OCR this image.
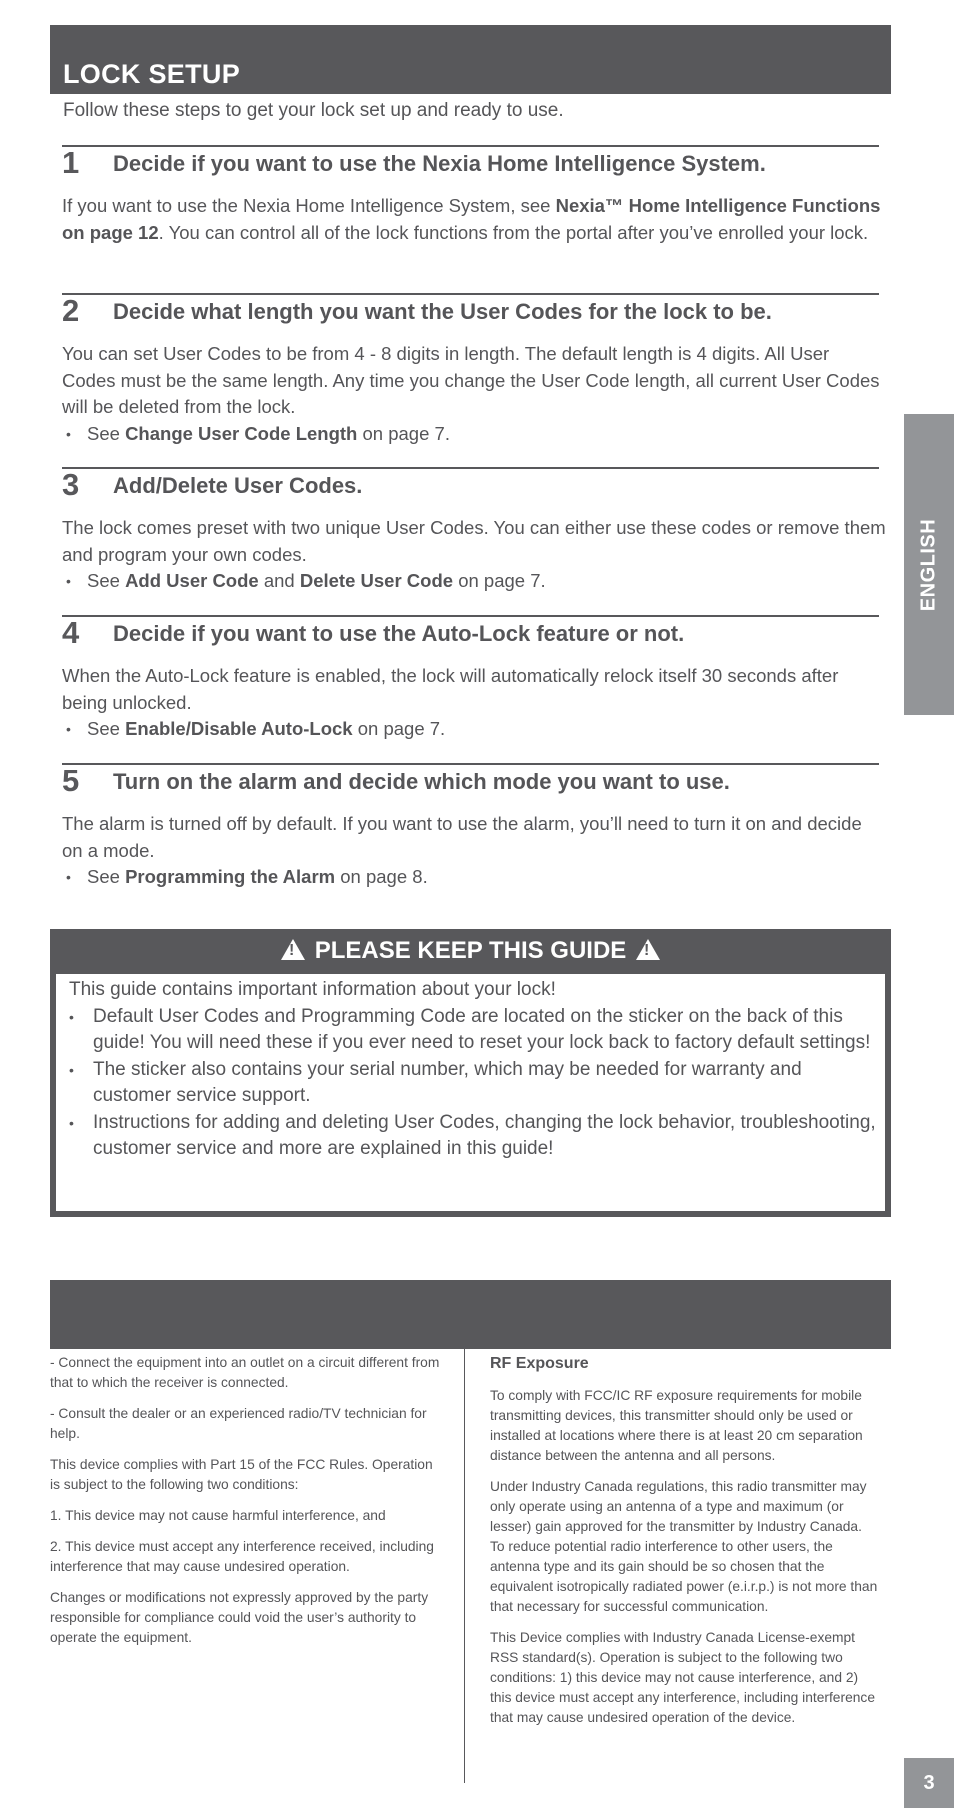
LOCK SETUP
Follow these steps to get your lock set up and ready to use.
1 Decide if you want to use the Nexia Home Intelligence System.

If you want to use the Nexia Home Intelligence System, see Nexia™ Home Intelligence Functions on page 12. You can control all of the lock functions from the portal after you’ve enrolled your lock.

2 Decide what length you want the User Codes for the lock to be.

You can set User Codes to be from 4 - 8 digits in length. The default length is 4 digits. All User Codes must be the same length. Any time you change the User Code length, all current User Codes will be deleted from the lock.

• See Change User Code Length on page 7.

3 Add/Delete User Codes.

The lock comes preset with two unique User Codes. You can either use these codes or remove them and program your own codes.

• See Add User Code and Delete User Code on page 7.

4 Decide if you want to use the Auto-Lock feature or not.

When the Auto-Lock feature is enabled, the lock will automatically relock itself 30 seconds after being unlocked.

• See Enable/Disable Auto-Lock on page 7.

5 Turn on the alarm and decide which mode you want to use.

The alarm is turned off by default. If you want to use the alarm, you’ll need to turn it on and decide on a mode.

• See Programming the Alarm on page 8.

ENGLISH
! PLEASE KEEP THIS GUIDE !

This guide contains important information about your lock!

• Default User Codes and Programming Code are located on the sticker on the back of this guide! You will need these if you ever need to reset your lock back to factory default settings!

• The sticker also contains your serial number, which may be needed for warranty and customer service support.

• Instructions for adding and deleting User Codes, changing the lock behavior, troubleshooting, customer service and more are explained in this guide!

- Connect the equipment into an outlet on a circuit different from that to which the receiver is connected.

- Consult the dealer or an experienced radio/TV technician for help.

This device complies with Part 15 of the FCC Rules. Operation is subject to the following two conditions:

1. This device may not cause harmful interference, and

2. This device must accept any interference received, including interference that may cause undesired operation.

Changes or modifications not expressly approved by the party responsible for compliance could void the user’s authority to operate the equipment.

RF Exposure

To comply with FCC/IC RF exposure requirements for mobile transmitting devices, this transmitter should only be used or installed at locations where there is at least 20 cm separation distance between the antenna and all persons.

Under Industry Canada regulations, this radio transmitter may only operate using an antenna of a type and maximum (or lesser) gain approved for the transmitter by Industry Canada. To reduce potential radio interference to other users, the antenna type and its gain should be so chosen that the equivalent isotropically radiated power (e.i.r.p.) is not more than that necessary for successful communication.

This Device complies with Industry Canada License-exempt RSS standard(s). Operation is subject to the following two conditions: 1) this device may not cause interference, and 2) this device must accept any interference, including interference that may cause undesired operation of the device.

3
